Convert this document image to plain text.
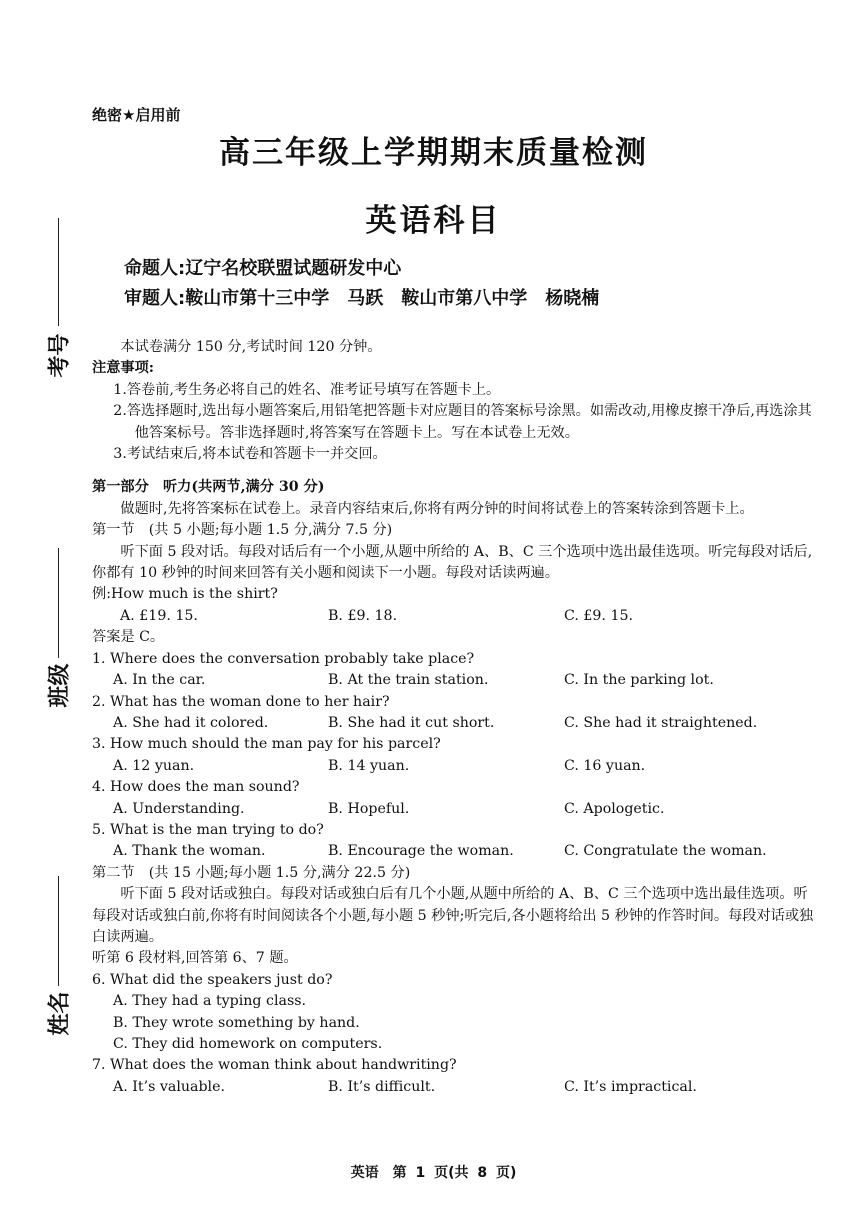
绝密★启用前
高三年级上学期期末质量检测
英语科目
命题人:辽宁名校联盟试题研发中心
审题人:鞍山市第十三中学　马跃　鞍山市第八中学　杨晓楠
考号
班级
姓名

本试卷满分 150 分,考试时间 120 分钟。

注意事项:

1.答卷前,考生务必将自己的姓名、准考证号填写在答题卡上。

2.答选择题时,选出每小题答案后,用铅笔把答题卡对应题目的答案标号涂黑。如需改动,用橡皮擦干净后,再选涂其他答案标号。答非选择题时,将答案写在答题卡上。写在本试卷上无效。

3.考试结束后,将本试卷和答题卡一并交回。

第一部分　听力(共两节,满分 30 分)

做题时,先将答案标在试卷上。录音内容结束后,你将有两分钟的时间将试卷上的答案转涂到答题卡上。

第一节　(共 5 小题;每小题 1.5 分,满分 7.5 分)

听下面 5 段对话。每段对话后有一个小题,从题中所给的 A、B、C 三个选项中选出最佳选项。听完每段对话后,你都有 10 秒钟的时间来回答有关小题和阅读下一小题。每段对话读两遍。

例:How much is the shirt?

A. £19. 15.	B. £9. 18.	C. £9. 15.

答案是 C。

1. Where does the conversation probably take place?

A. In the car.	B. At the train station.	C. In the parking lot.

2. What has the woman done to her hair?

A. She had it colored.	B. She had it cut short.	C. She had it straightened.

3. How much should the man pay for his parcel?

A. 12 yuan.	B. 14 yuan.	C. 16 yuan.

4. How does the man sound?

A. Understanding.	B. Hopeful.	C. Apologetic.

5. What is the man trying to do?

A. Thank the woman.	B. Encourage the woman.	C. Congratulate the woman.

第二节　(共 15 小题;每小题 1.5 分,满分 22.5 分)

听下面 5 段对话或独白。每段对话或独白后有几个小题,从题中所给的 A、B、C 三个选项中选出最佳选项。听每段对话或独白前,你将有时间阅读各个小题,每小题 5 秒钟;听完后,各小题将给出 5 秒钟的作答时间。每段对话或独白读两遍。

听第 6 段材料,回答第 6、7 题。

6. What did the speakers just do?

A. They had a typing class.

B. They wrote something by hand.

C. They did homework on computers.

7. What does the woman think about handwriting?

A. It’s valuable.	B. It’s difficult.	C. It’s impractical.
英语　第 1 页(共 8 页)
